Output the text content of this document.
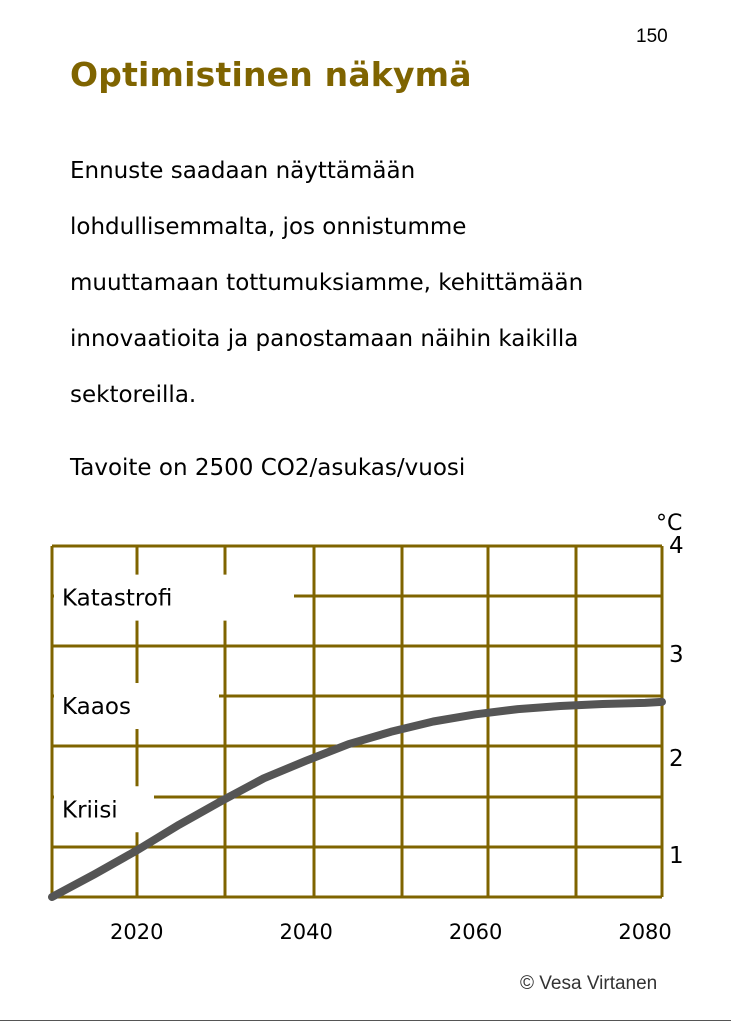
150
Optimistinen näkymä
Ennuste saadaan näyttämään
lohdullisemmalta, jos onnistumme
muuttamaan tottumuksiamme, kehittämään
innovaatioita ja panostamaan näihin kaikilla
sektoreilla.
Tavoite on 2500 CO2/asukas/vuosi
Katastrofi
Kaaos
Kriisi
2020	2040	2060	2080
1
2
3
4
°C
© Vesa Virtanen
